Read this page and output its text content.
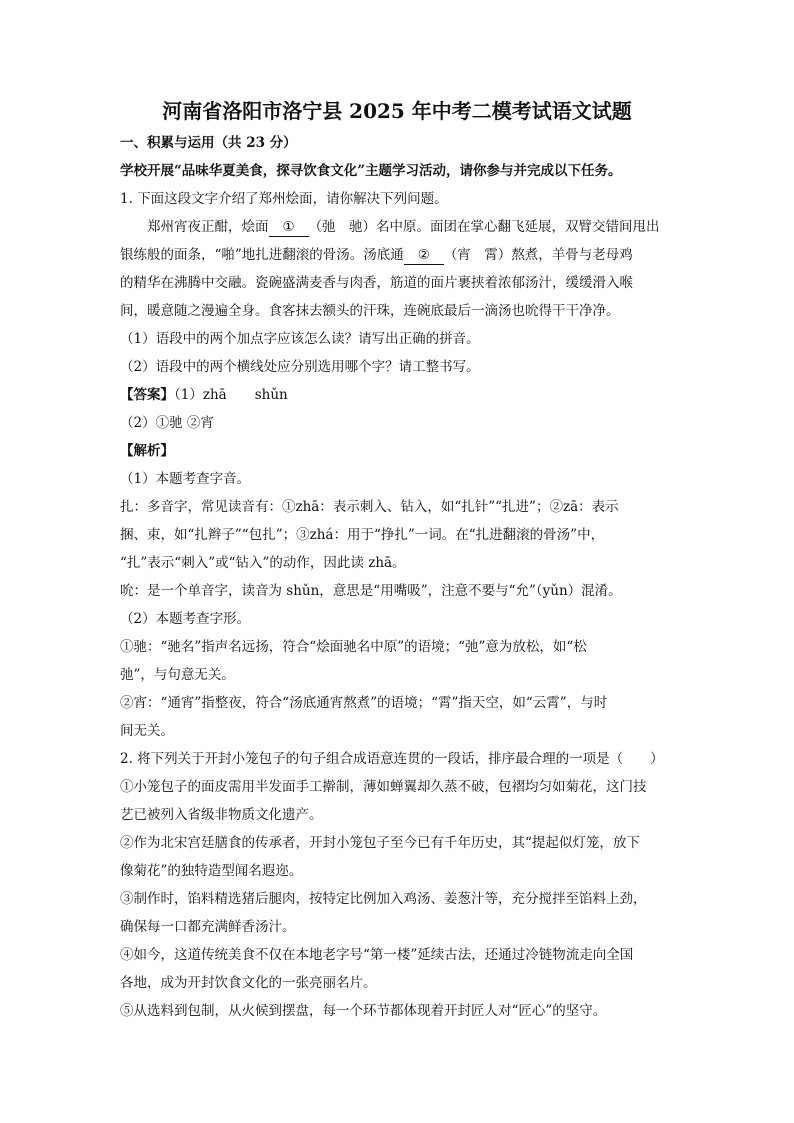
河南省洛阳市洛宁县 2025 年中考二模考试语文试题
一、积累与运用（共 23 分）
学校开展“品味华夏美食，探寻饮食文化”主题学习活动，请你参与并完成以下任务。
1. 下面这段文字介绍了郑州烩面，请你解决下列问题。
郑州宵夜正酣，烩面 ① （弛　驰）名中原。面团在掌心翻飞延展，双臂交错间甩出
银练般的面条，“啪”地扎进翻滚的骨汤。汤底通 ② （宵　霄）熬煮，羊骨与老母鸡
的精华在沸腾中交融。瓷碗盛满麦香与肉香，筋道的面片裹挟着浓郁汤汁，缓缓滑入喉
间，暖意随之漫遍全身。食客抹去额头的汗珠，连碗底最后一滴汤也吮得干干净净。
（1）语段中的两个加点字应该怎么读？请写出正确的拼音。
（2）语段中的两个横线处应分别选用哪个字？请工整书写。
【答案】（1）zhā shǔn
（2）①驰 ②宵
【解析】
（1）本题考查字音。
扎：多音字，常见读音有：①zhā：表示刺入、钻入，如“扎针”“扎进”；②zā：表示
捆、束，如“扎辫子”“包扎”；③zhá：用于“挣扎”一词。在“扎进翻滚的骨汤”中，
“扎”表示“刺入”或“钻入”的动作，因此读 zhā。
吮：是一个单音字，读音为 shǔn，意思是“用嘴吸”，注意不要与“允”（yǔn）混淆。
（2）本题考查字形。
①驰：“驰名”指声名远扬，符合“烩面驰名中原”的语境；“弛”意为放松，如“松
弛”，与句意无关。
②宵：“通宵”指整夜，符合“汤底通宵熬煮”的语境；“霄”指天空，如“云霄”，与时
间无关。
2. 将下列关于开封小笼包子的句子组合成语意连贯的一段话，排序最合理的一项是（　　）
①小笼包子的面皮需用半发面手工擀制，薄如蝉翼却久蒸不破，包褶均匀如菊花，这门技
艺已被列入省级非物质文化遗产。
②作为北宋宫廷膳食的传承者，开封小笼包子至今已有千年历史，其“提起似灯笼，放下
像菊花”的独特造型闻名遐迩。
③制作时，馅料精选猪后腿肉，按特定比例加入鸡汤、姜葱汁等，充分搅拌至馅料上劲，
确保每一口都充满鲜香汤汁。
④如今，这道传统美食不仅在本地老字号“第一楼”延续古法，还通过冷链物流走向全国
各地，成为开封饮食文化的一张亮丽名片。
⑤从选料到包制，从火候到摆盘，每一个环节都体现着开封匠人对“匠心”的坚守。
